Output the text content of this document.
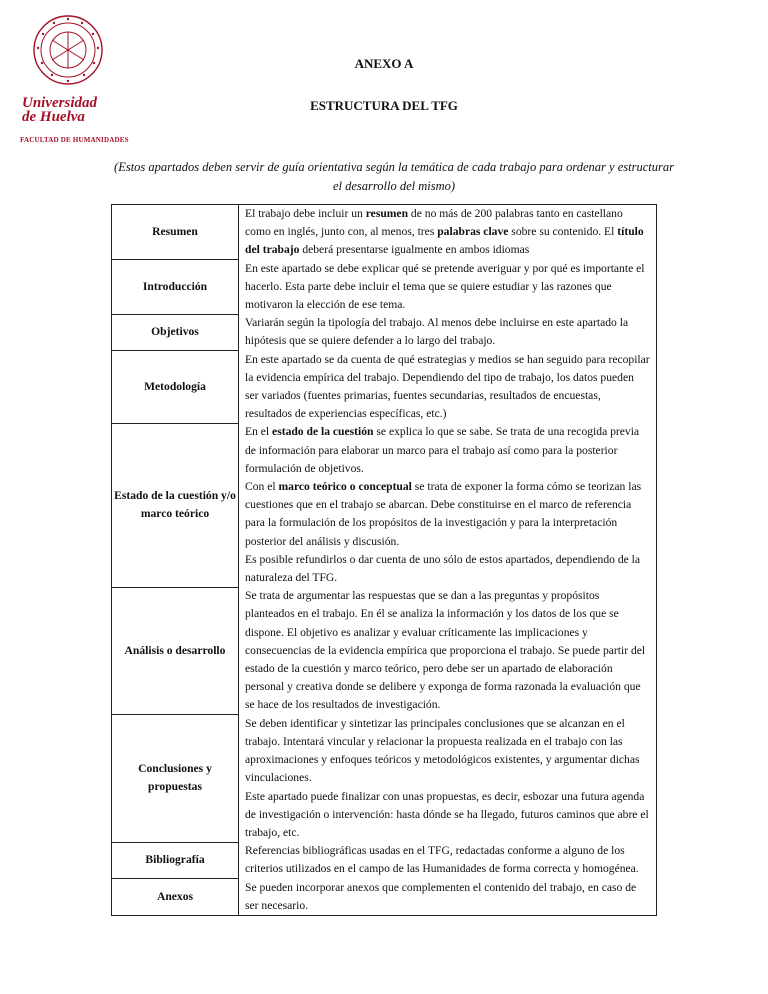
Universidad
de Huelva
FACULTAD DE HUMANIDADES
ANEXO A
ESTRUCTURA DEL TFG
(Estos apartados deben servir de guía orientativa según la temática de cada trabajo para ordenar y estructurar el desarrollo del mismo)
Resumen	El trabajo debe incluir un resumen de no más de 200 palabras tanto en castellano como en inglés, junto con, al menos, tres palabras clave sobre su contenido. El título del trabajo deberá presentarse igualmente en ambos idiomas
Introducción	En este apartado se debe explicar qué se pretende averiguar y por qué es importante el hacerlo. Esta parte debe incluir el tema que se quiere estudiar y las razones que motivaron la elección de ese tema.
Objetivos	Variarán según la tipología del trabajo. Al menos debe incluirse en este apartado la hipótesis que se quiere defender a lo largo del trabajo.
Metodología	En este apartado se da cuenta de qué estrategias y medios se han seguido para recopilar la evidencia empírica del trabajo. Dependiendo del tipo de trabajo, los datos pueden ser variados (fuentes primarias, fuentes secundarias, resultados de encuestas, resultados de experiencias específicas, etc.)
Estado de la cuestión y/o marco teórico	En el estado de la cuestión se explica lo que se sabe. Se trata de una recogida previa de información para elaborar un marco para el trabajo así como para la posterior formulación de objetivos.
Con el marco teórico o conceptual se trata de exponer la forma cómo se teorizan las cuestiones que en el trabajo se abarcan. Debe constituirse en el marco de referencia para la formulación de los propósitos de la investigación y para la interpretación posterior del análisis y discusión.
Es posible refundirlos o dar cuenta de uno sólo de estos apartados, dependiendo de la naturaleza del TFG.
Análisis o desarrollo	Se trata de argumentar las respuestas que se dan a las preguntas y propósitos planteados en el trabajo. En él se analiza la información y los datos de los que se dispone. El objetivo es analizar y evaluar críticamente las implicaciones y consecuencias de la evidencia empírica que proporciona el trabajo. Se puede partir del estado de la cuestión y marco teórico, pero debe ser un apartado de elaboración personal y creativa donde se delibere y exponga de forma razonada la evaluación que se hace de los resultados de investigación.
Conclusiones y propuestas	Se deben identificar y sintetizar las principales conclusiones que se alcanzan en el trabajo. Intentará vincular y relacionar la propuesta realizada en el trabajo con las aproximaciones y enfoques teóricos y metodológicos existentes, y argumentar dichas vinculaciones.
Este apartado puede finalizar con unas propuestas, es decir, esbozar una futura agenda de investigación o intervención: hasta dónde se ha llegado, futuros caminos que abre el trabajo, etc.
Bibliografía	Referencias bibliográficas usadas en el TFG, redactadas conforme a alguno de los criterios utilizados en el campo de las Humanidades de forma correcta y homogénea.
Anexos	Se pueden incorporar anexos que complementen el contenido del trabajo, en caso de ser necesario.
